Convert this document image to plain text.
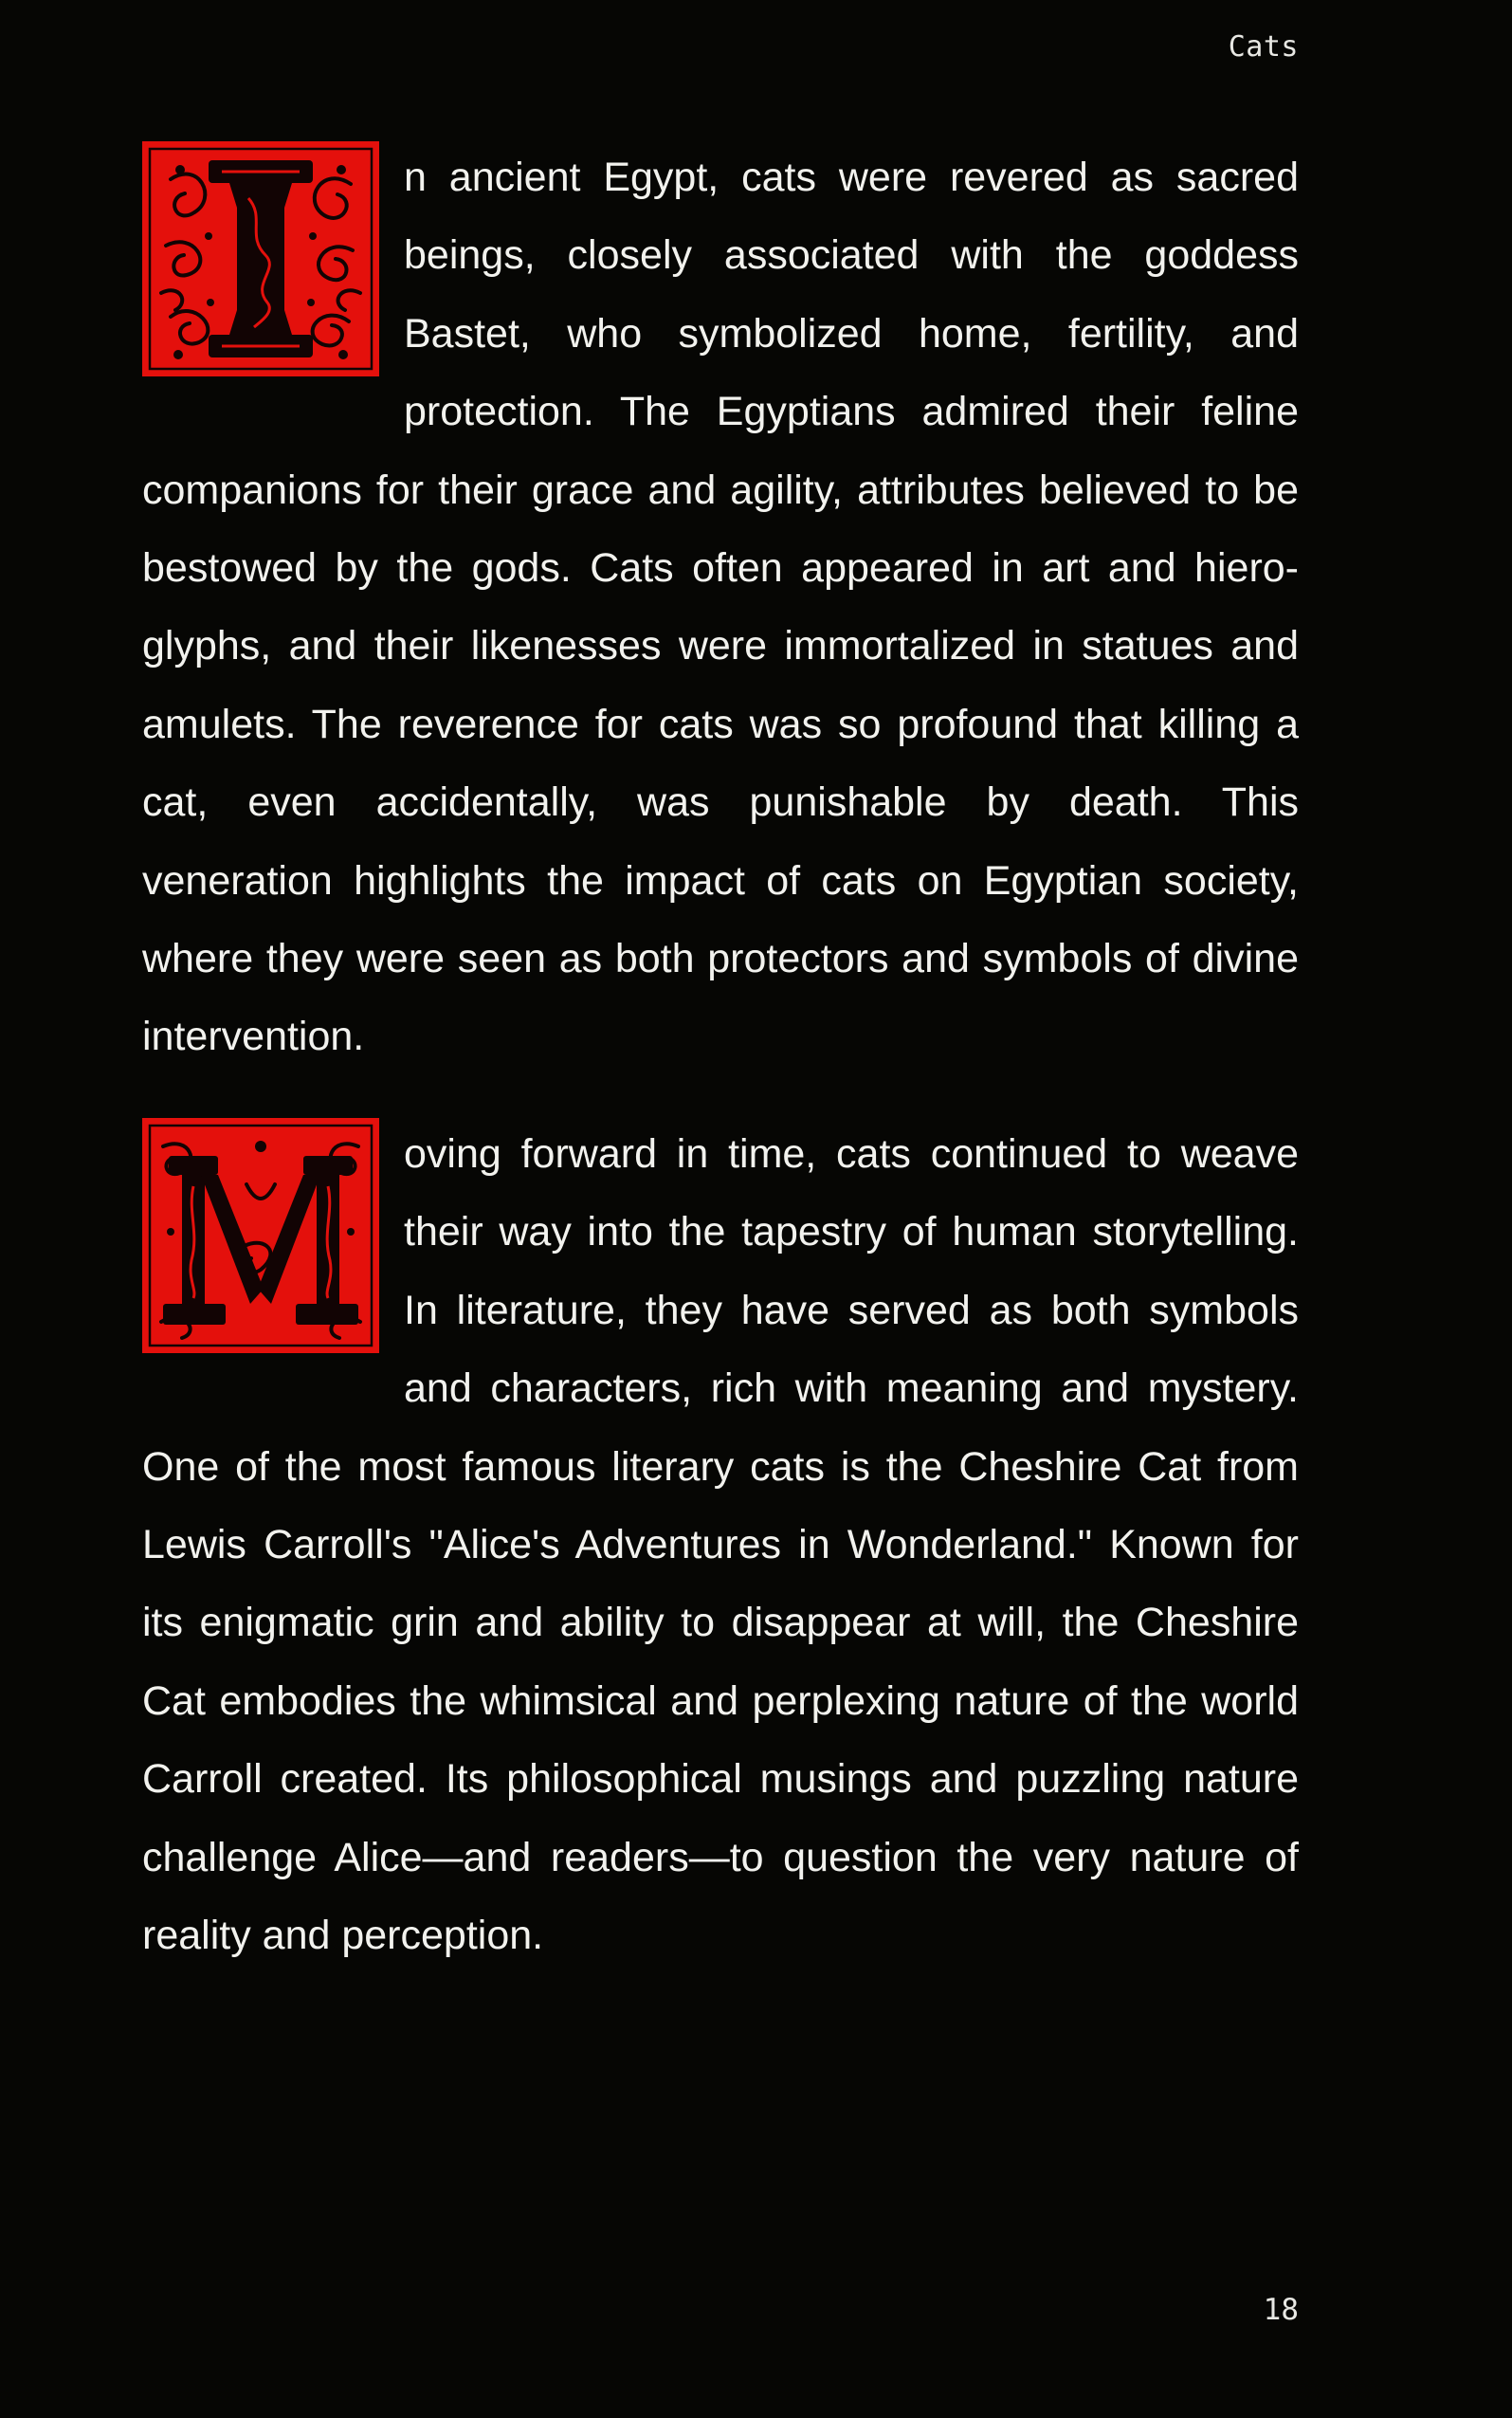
Cats

n ancient Egypt, cats were revered as sacred beings, closely associated with the goddess Bastet, who symbolized home, fertility, and protection. The Egyptians admired their feline companions for their grace and agility, attributes believed to be bestowed by the gods. Cats often appeared in art and hieroglyphs, and their likenesses were immortalized in statues and amulets. The reverence for cats was so profound that killing a cat, even accidentally, was punishable by death. This veneration highlights the impact of cats on Egyptian society, where they were seen as both protectors and symbols of divine intervention.

oving forward in time, cats continued to weave their way into the tapestry of human storytelling. In literature, they have served as both symbols and characters, rich with meaning and mystery. One of the most famous literary cats is the Cheshire Cat from Lewis Carroll's "Alice's Adventures in Wonderland." Known for its enigmatic grin and ability to disappear at will, the Cheshire Cat embodies the whimsical and perplexing nature of the world Carroll created. Its philosophical musings and puzzling nature challenge Alice—and readers—to question the very nature of reality and perception.

18
